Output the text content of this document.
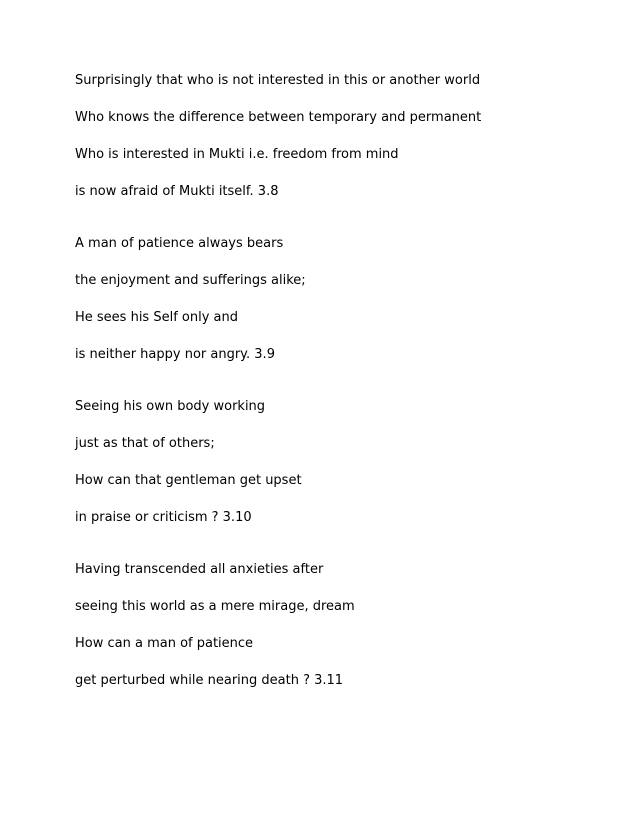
Surprisingly that who is not interested in this or another world
Who knows the difference between temporary and permanent
Who is interested in Mukti i.e. freedom from mind
is now afraid of Mukti itself. 3.8
A man of patience always bears
the enjoyment and sufferings alike;
He sees his Self only and
is neither happy nor angry. 3.9
Seeing his own body working
just as that of others;
How can that gentleman get upset
in praise or criticism ? 3.10
Having transcended all anxieties after
seeing this world as a mere mirage, dream
How can a man of patience
get perturbed while nearing death ? 3.11
